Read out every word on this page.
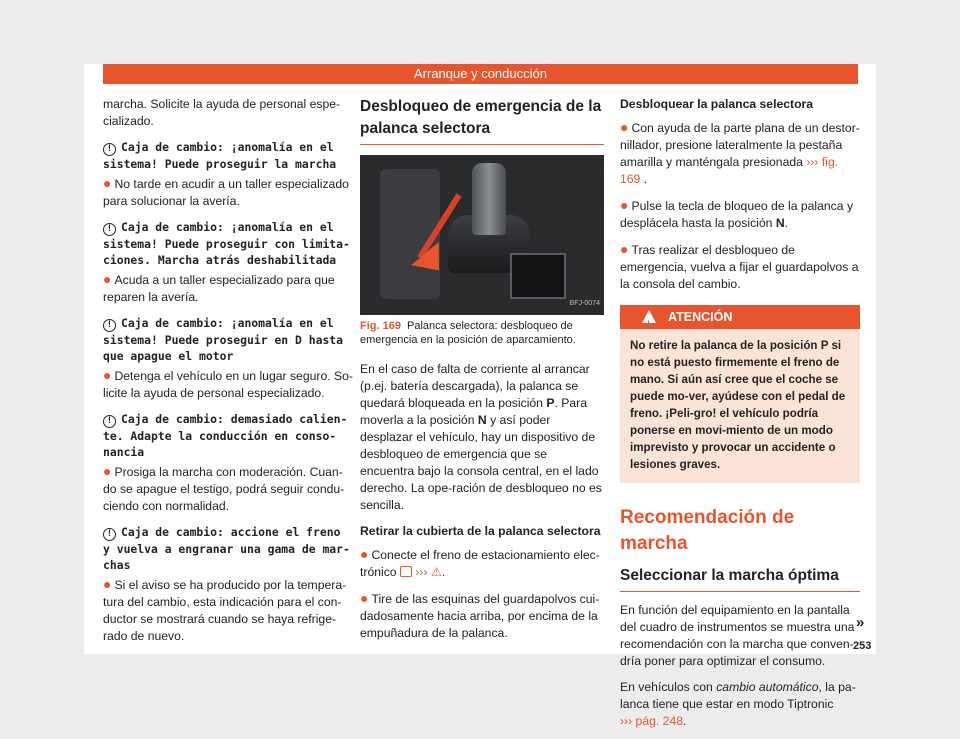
Arranque y conducción

marcha. Solicite la ayuda de personal espe-cializado.

! Caja de cambio: ¡anomalía en el sistema! Puede proseguir la marcha

● No tarde en acudir a un taller especializado para solucionar la avería.

! Caja de cambio: ¡anomalía en el sistema! Puede proseguir con limita-ciones. Marcha atrás deshabilitada

● Acuda a un taller especializado para que reparen la avería.

! Caja de cambio: ¡anomalía en el sistema! Puede proseguir en D hasta que apague el motor

● Detenga el vehículo en un lugar seguro. So-licite la ayuda de personal especializado.

! Caja de cambio: demasiado calien-te. Adapte la conducción en conso-nancia

● Prosiga la marcha con moderación. Cuan-do se apague el testigo, podrá seguir condu-ciendo con normalidad.

! Caja de cambio: accione el freno y vuelva a engranar una gama de mar-chas

● Si el aviso se ha producido por la tempera-tura del cambio, esta indicación para el con-ductor se mostrará cuando se haya refrige-rado de nuevo.

Desbloqueo de emergencia de la palanca selectora
BFJ-0074
Fig. 169 Palanca selectora: desbloqueo de emergencia en la posición de aparcamiento.

En el caso de falta de corriente al arrancar (p.ej. batería descargada), la palanca se quedará bloqueada en la posición P. Para moverla a la posición N y así poder desplazar el vehículo, hay un dispositivo de desbloqueo de emergencia que se encuentra bajo la consola central, en el lado derecho. La ope-ración de desbloqueo no es sencilla.

Retirar la cubierta de la palanca selectora

● Conecte el freno de estacionamiento elec-trónico ››› ⚠.

● Tire de las esquinas del guardapolvos cui-dadosamente hacia arriba, por encima de la empuñadura de la palanca.

Desbloquear la palanca selectora

● Con ayuda de la parte plana de un destor-nillador, presione lateralmente la pestaña amarilla y manténgala presionada ››› fig. 169 .

● Pulse la tecla de bloqueo de la palanca y desplácela hasta la posición N.

● Tras realizar el desbloqueo de emergencia, vuelva a fijar el guardapolvos a la consola del cambio.

!
ATENCIÓN
No retire la palanca de la posición P si no está puesto firmemente el freno de mano. Si aún así cree que el coche se puede mo-ver, ayúdese con el pedal de freno. ¡Peli-gro! el vehículo podría ponerse en movi-miento de un modo imprevisto y provocar un accidente o lesiones graves.
Recomendación de marcha
Seleccionar la marcha óptima

En función del equipamiento en la pantalla del cuadro de instrumentos se muestra una recomendación con la marcha que conven-dría poner para optimizar el consumo.

En vehículos con cambio automático, la pa-lanca tiene que estar en modo Tiptronic
››› pág. 248.

»
253
